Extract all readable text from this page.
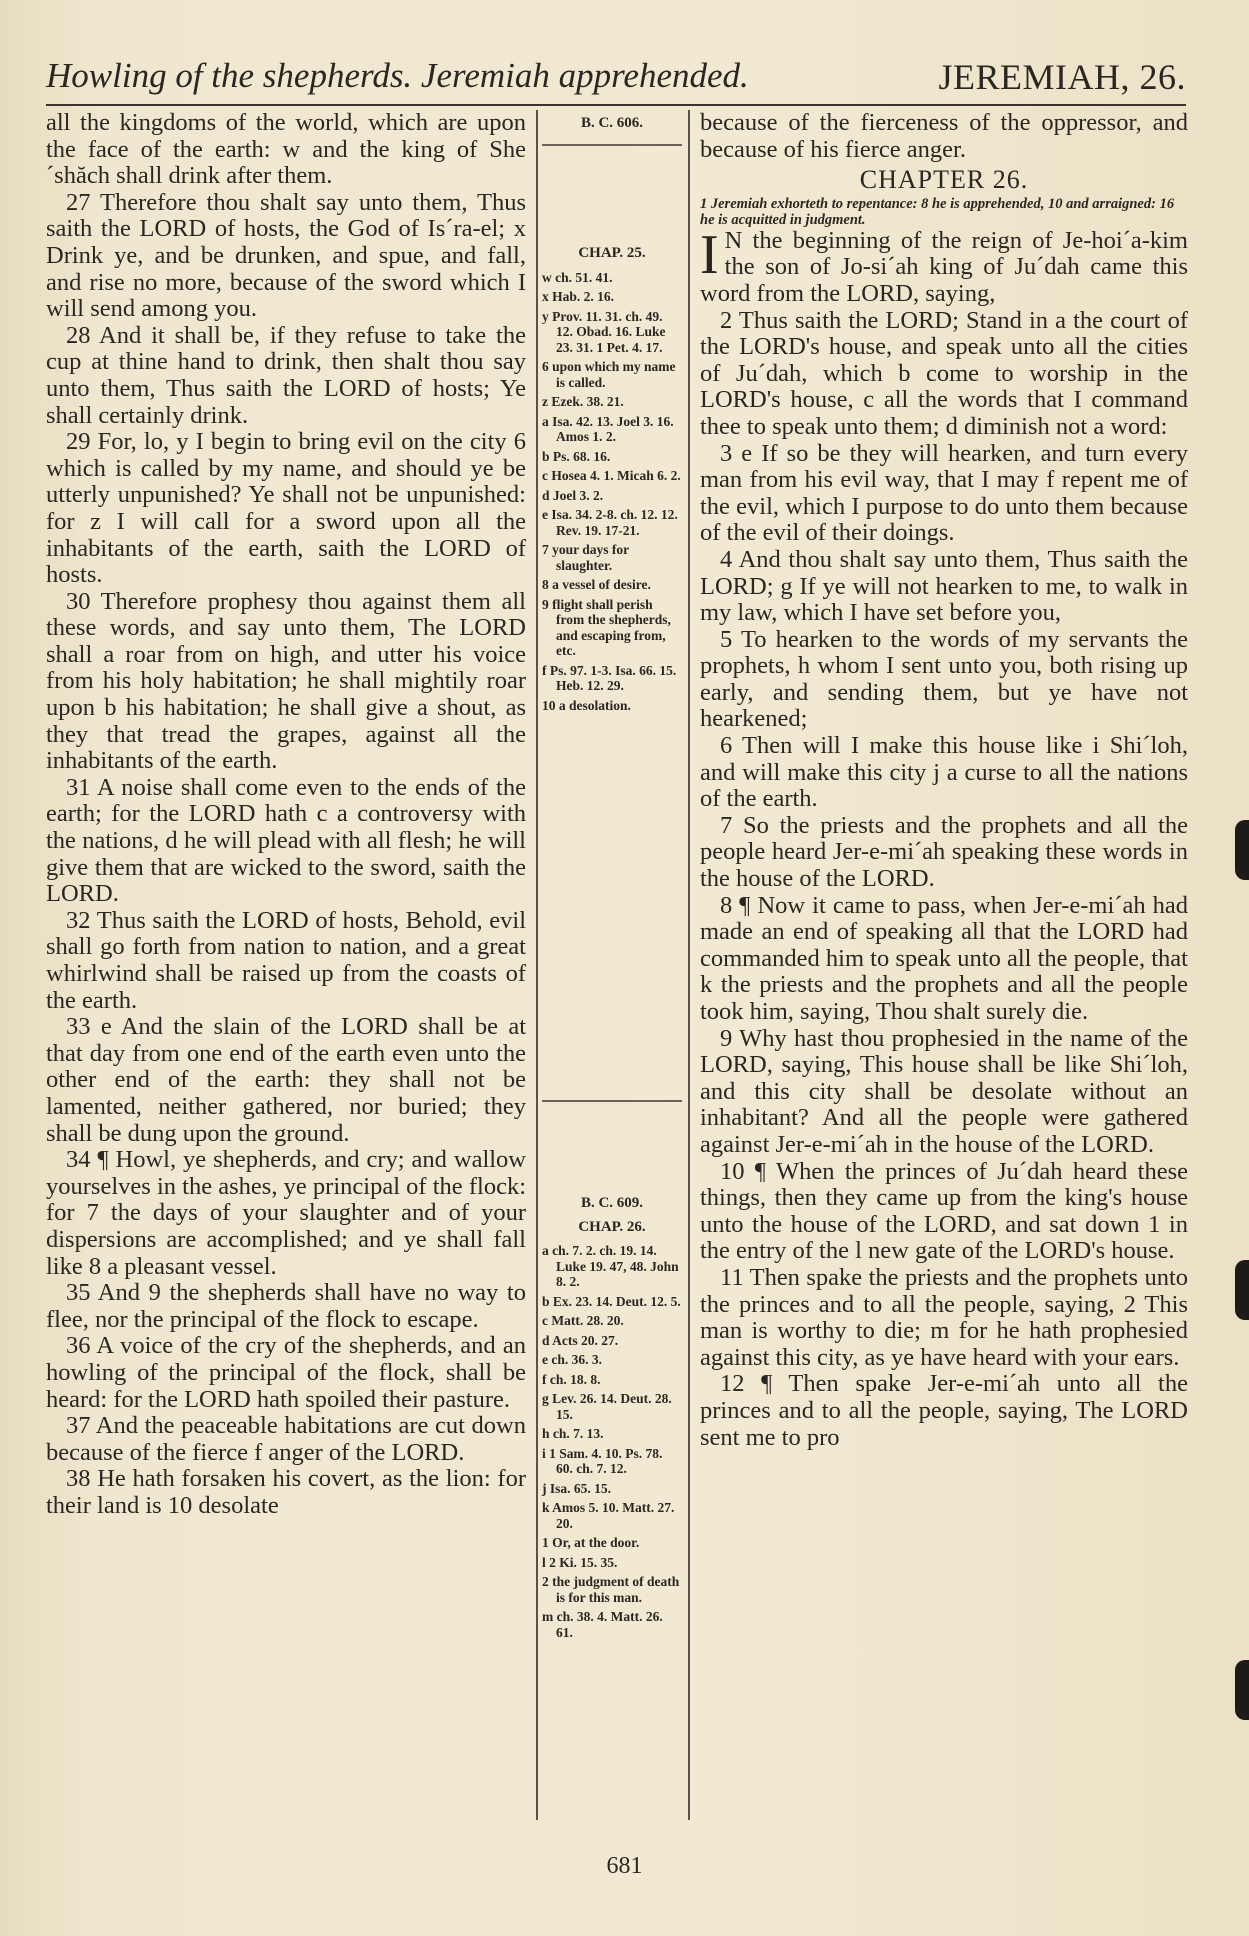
Howling of the shepherds. Jeremiah apprehended.	JEREMIAH, 26.

all the kingdoms of the world, which are upon the face of the earth: w and the king of She´shăch shall drink after them.

27 Therefore thou shalt say unto them, Thus saith the LORD of hosts, the God of Is´ra-el; x Drink ye, and be drunken, and spue, and fall, and rise no more, because of the sword which I will send among you.

28 And it shall be, if they refuse to take the cup at thine hand to drink, then shalt thou say unto them, Thus saith the LORD of hosts; Ye shall certainly drink.

29 For, lo, y I begin to bring evil on the city 6 which is called by my name, and should ye be utterly unpunished? Ye shall not be unpunished: for z I will call for a sword upon all the inhabitants of the earth, saith the LORD of hosts.

30 Therefore prophesy thou against them all these words, and say unto them, The LORD shall a roar from on high, and utter his voice from his holy habitation; he shall mightily roar upon b his habitation; he shall give a shout, as they that tread the grapes, against all the inhabitants of the earth.

31 A noise shall come even to the ends of the earth; for the LORD hath c a controversy with the nations, d he will plead with all flesh; he will give them that are wicked to the sword, saith the LORD.

32 Thus saith the LORD of hosts, Behold, evil shall go forth from nation to nation, and a great whirlwind shall be raised up from the coasts of the earth.

33 e And the slain of the LORD shall be at that day from one end of the earth even unto the other end of the earth: they shall not be lamented, neither gathered, nor buried; they shall be dung upon the ground.

34 ¶ Howl, ye shepherds, and cry; and wallow yourselves in the ashes, ye principal of the flock: for 7 the days of your slaughter and of your dispersions are accomplished; and ye shall fall like 8 a pleasant vessel.

35 And 9 the shepherds shall have no way to flee, nor the principal of the flock to escape.

36 A voice of the cry of the shepherds, and an howling of the principal of the flock, shall be heard: for the LORD hath spoiled their pasture.

37 And the peaceable habitations are cut down because of the fierce f anger of the LORD.

38 He hath forsaken his covert, as the lion: for their land is 10 desolate

B. C. 606.
CHAP. 25.

w ch. 51. 41.

x Hab. 2. 16.

y Prov. 11. 31. ch. 49. 12. Obad. 16. Luke 23. 31. 1 Pet. 4. 17.

6 upon which my name is called.

z Ezek. 38. 21.

a Isa. 42. 13. Joel 3. 16. Amos 1. 2.

b Ps. 68. 16.

c Hosea 4. 1. Micah 6. 2.

d Joel 3. 2.

e Isa. 34. 2-8. ch. 12. 12. Rev. 19. 17-21.

7 your days for slaughter.

8 a vessel of desire.

9 flight shall perish from the shepherds, and escaping from, etc.

f Ps. 97. 1-3. Isa. 66. 15. Heb. 12. 29.

10 a desolation.

B. C. 609.
CHAP. 26.

a ch. 7. 2. ch. 19. 14. Luke 19. 47, 48. John 8. 2.

b Ex. 23. 14. Deut. 12. 5.

c Matt. 28. 20.

d Acts 20. 27.

e ch. 36. 3.

f ch. 18. 8.

g Lev. 26. 14. Deut. 28. 15.

h ch. 7. 13.

i 1 Sam. 4. 10. Ps. 78. 60. ch. 7. 12.

j Isa. 65. 15.

k Amos 5. 10. Matt. 27. 20.

1 Or, at the door.

l 2 Ki. 15. 35.

2 the judgment of death is for this man.

m ch. 38. 4. Matt. 26. 61.

because of the fierceness of the oppressor, and because of his fierce anger.

CHAPTER 26.

1 Jeremiah exhorteth to repentance: 8 he is apprehended, 10 and arraigned: 16 he is acquitted in judgment.

I N the beginning of the reign of Je-hoi´a-kim the son of Jo-si´ah king of Ju´dah came this word from the LORD, saying,

2 Thus saith the LORD; Stand in a the court of the LORD's house, and speak unto all the cities of Ju´dah, which b come to worship in the LORD's house, c all the words that I command thee to speak unto them; d diminish not a word:

3 e If so be they will hearken, and turn every man from his evil way, that I may f repent me of the evil, which I purpose to do unto them because of the evil of their doings.

4 And thou shalt say unto them, Thus saith the LORD; g If ye will not hearken to me, to walk in my law, which I have set before you,

5 To hearken to the words of my servants the prophets, h whom I sent unto you, both rising up early, and sending them, but ye have not hearkened;

6 Then will I make this house like i Shi´loh, and will make this city j a curse to all the nations of the earth.

7 So the priests and the prophets and all the people heard Jer-e-mi´ah speaking these words in the house of the LORD.

8 ¶ Now it came to pass, when Jer-e-mi´ah had made an end of speaking all that the LORD had commanded him to speak unto all the people, that k the priests and the prophets and all the people took him, saying, Thou shalt surely die.

9 Why hast thou prophesied in the name of the LORD, saying, This house shall be like Shi´loh, and this city shall be desolate without an inhabitant? And all the people were gathered against Jer-e-mi´ah in the house of the LORD.

10 ¶ When the princes of Ju´dah heard these things, then they came up from the king's house unto the house of the LORD, and sat down 1 in the entry of the l new gate of the LORD's house.

11 Then spake the priests and the prophets unto the princes and to all the people, saying, 2 This man is worthy to die; m for he hath prophesied against this city, as ye have heard with your ears.

12 ¶ Then spake Jer-e-mi´ah unto all the princes and to all the people, saying, The LORD sent me to pro

681
